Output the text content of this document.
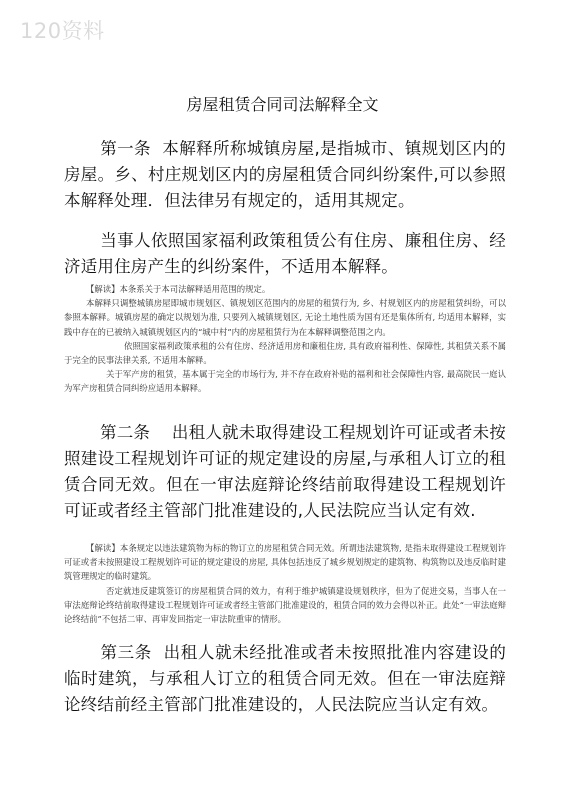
120资料
房屋租赁合同司法解释全文
第一条 本解释所称城镇房屋,是指城市、镇规划区内的房屋。乡、村庄规划区内的房屋租赁合同纠纷案件,可以参照本解释处理．但法律另有规定的，适用其规定。
当事人依照国家福利政策租赁公有住房、廉租住房、经济适用住房产生的纠纷案件，不适用本解释。

【解读】本条系关于本司法解释适用范围的规定。

本解释只调整城镇房屋即城市规划区、镇规划区范围内的房屋的租赁行为, 乡、村规划区内的房屋租赁纠纷，可以参照本解释。城镇房屋的确定以规划为准, 只要列入城镇规划区, 无论土地性质为国有还是集体所有, 均适用本解释，实践中存在的已被纳入城镇规划区内的“城中村”内的房屋租赁行为在本解释调整范围之内。

依照国家福利政策承租的公有住房、经济适用房和廉租住房, 具有政府福利性、保障性, 其租赁关系不属于完全的民事法律关系, 不适用本解释。

关于军产房的租赁，基本属于完全的市场行为, 并不存在政府补贴的福利和社会保障性内容, 最高院民一庭认为军产房租赁合同纠纷应适用本解释。

第二条 出租人就未取得建设工程规划许可证或者未按照建设工程规划许可证的规定建设的房屋,与承租人订立的租赁合同无效。但在一审法庭辩论终结前取得建设工程规划许可证或者经主管部门批准建设的,人民法院应当认定有效.

【解读】本条规定以违法建筑物为标的物订立的房屋租赁合同无效。所谓违法建筑物, 是指未取得建设工程规划许可证或者未按照建设工程规划许可证的规定建设的房屋, 具体包括违反了城乡规划规定的建筑物、构筑物以及违反临时建筑管理规定的临时建筑。

否定就违反建筑签订的房屋租赁合同的效力，有利于维护城镇建设规划秩序，但为了促进交易，当事人在一审法庭辩论终结前取得建设工程规划许可证或者经主管部门批准建设的，租赁合同的效力会得以补正。此处“一审法庭辩论终结前”不包括二审、再审发回指定一审法院重审的情形。

第三条 出租人就未经批准或者未按照批准内容建设的临时建筑，与承租人订立的租赁合同无效。但在一审法庭辩论终结前经主管部门批准建设的，人民法院应当认定有效。
